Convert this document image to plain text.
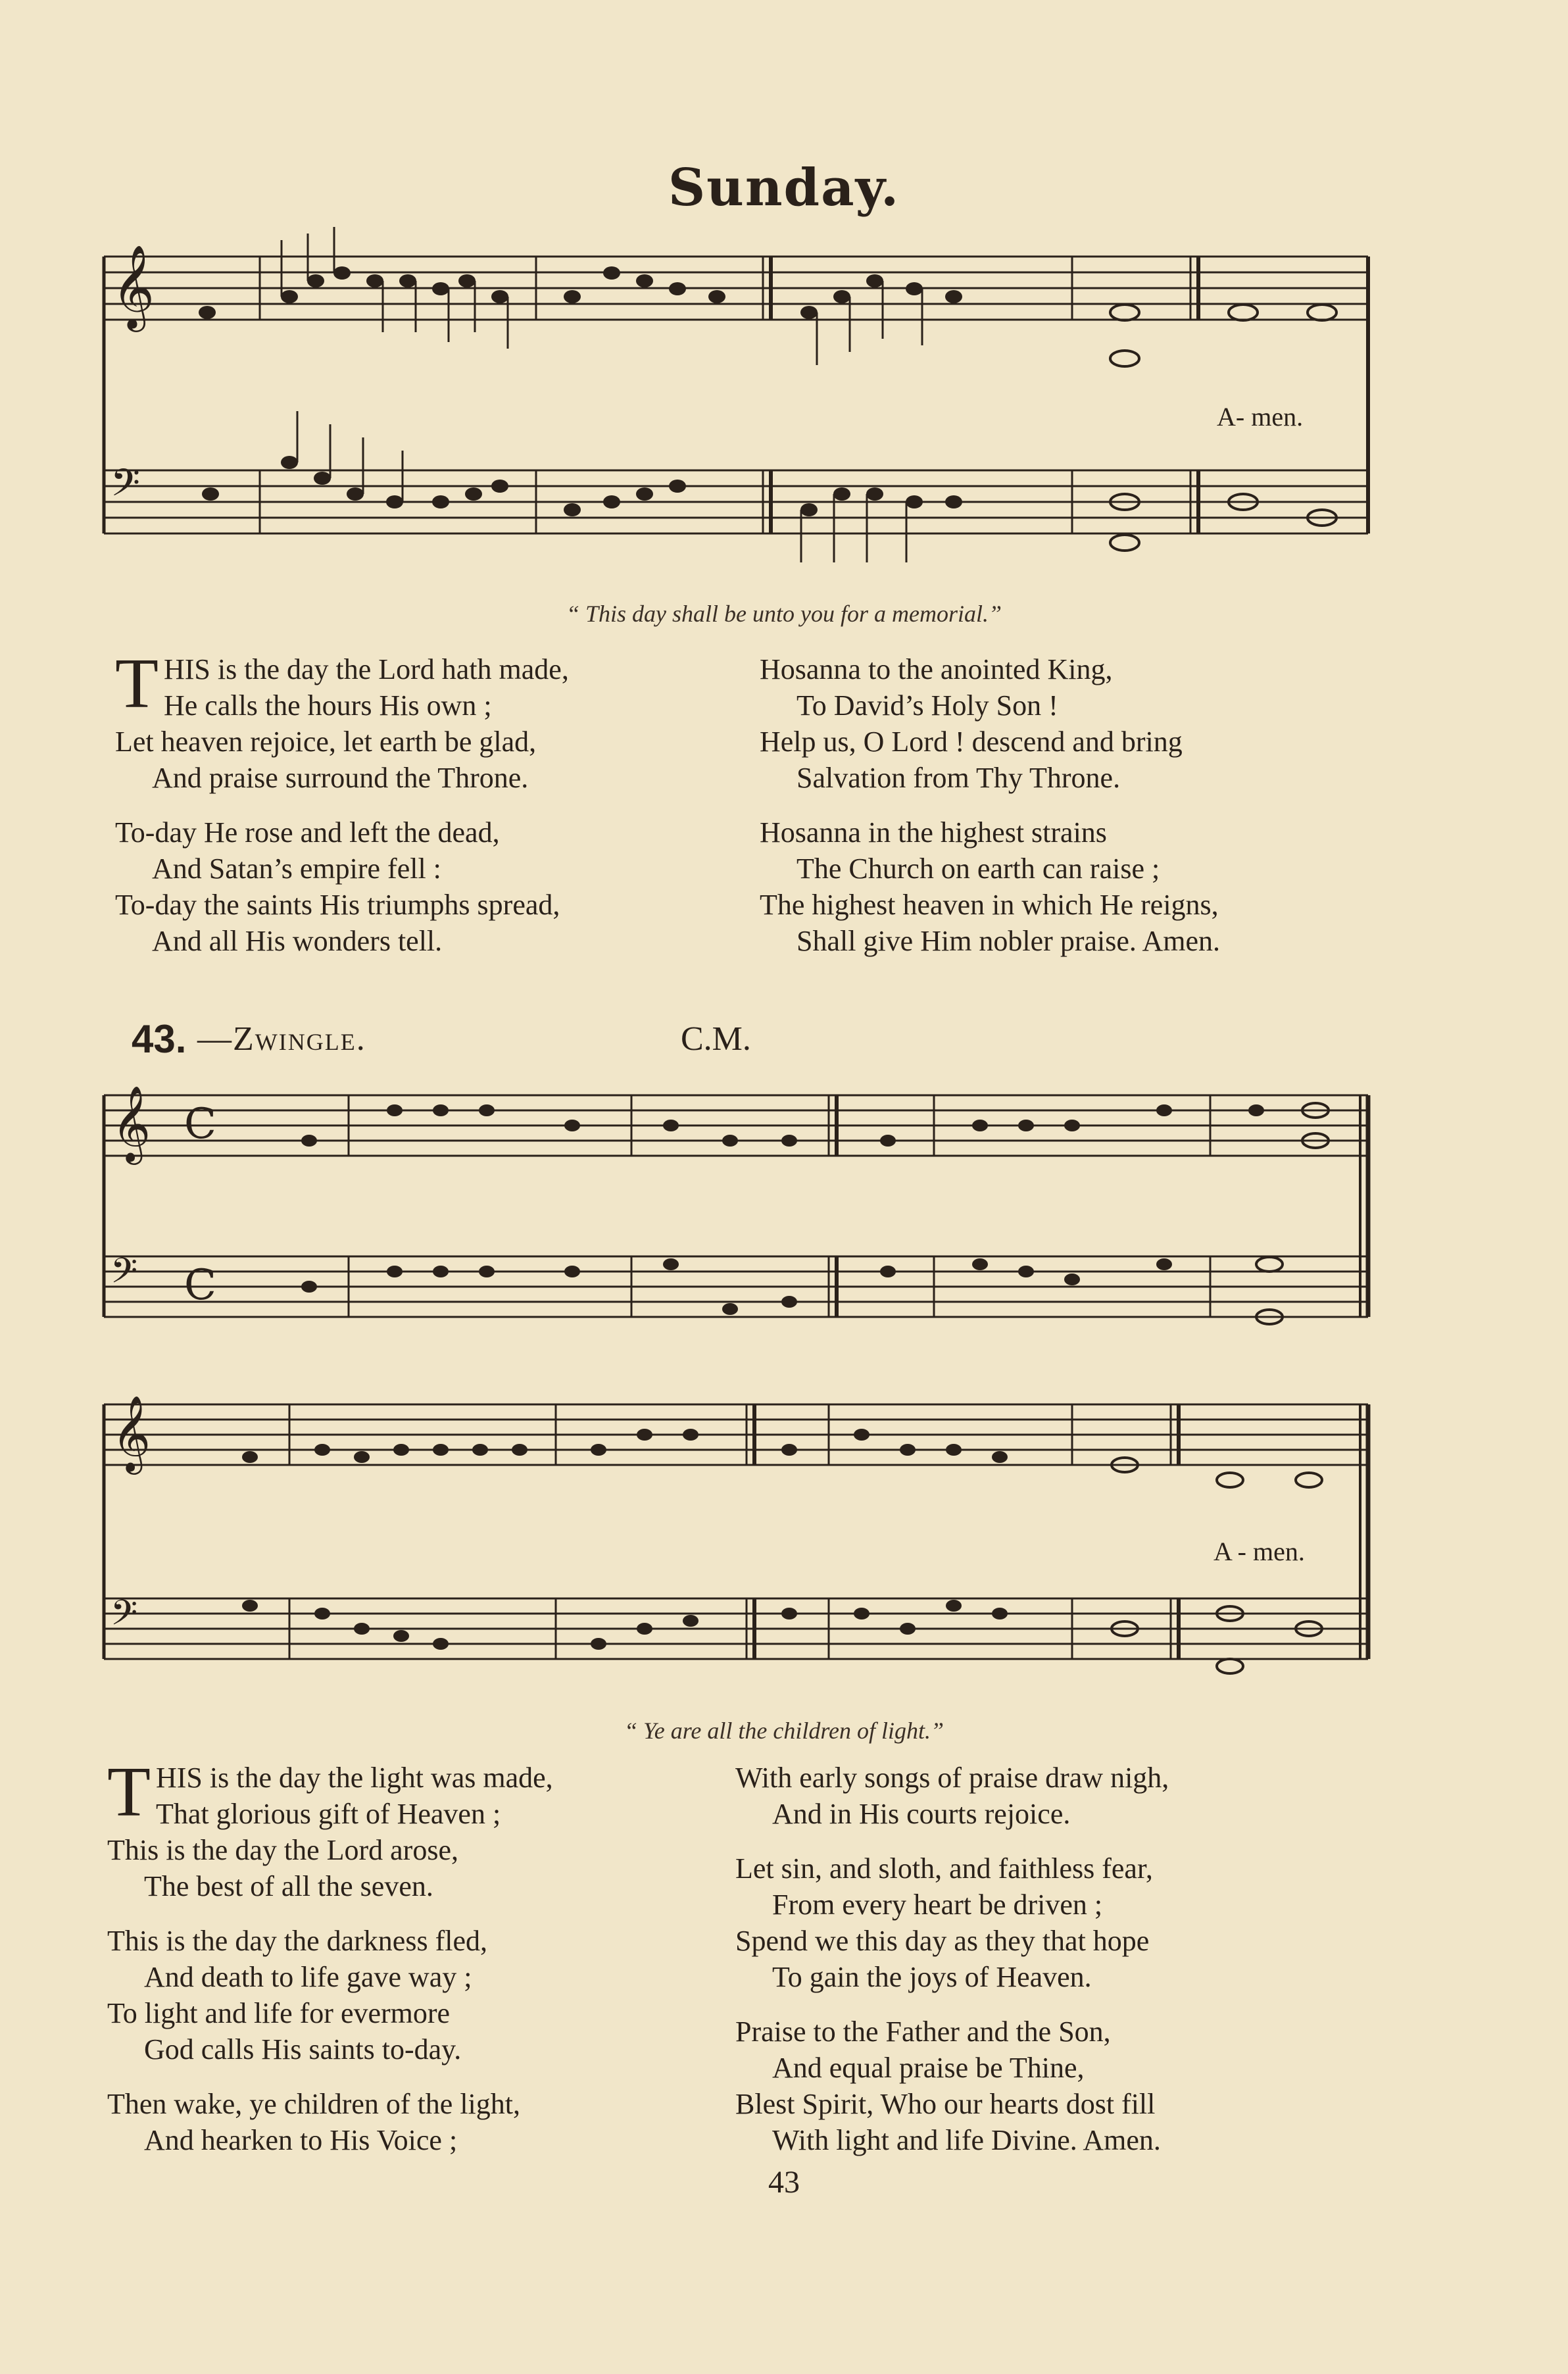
Sunday.
𝄞
𝄢
A- men.
“ This day shall be unto you for a memorial.”
T HIS is the day the Lord hath made,
He calls the hours His own ;
Let heaven rejoice, let earth be glad,
And praise surround the Throne.
To-day He rose and left the dead,
And Satan’s empire fell :
To-day the saints His triumphs spread,
And all His wonders tell.
Hosanna to the anointed King,
To David’s Holy Son !
Help us, O Lord ! descend and bring
Salvation from Thy Throne.
Hosanna in the highest strains
The Church on earth can raise ;
The highest heaven in which He reigns,
Shall give Him nobler praise. Amen.
43. —Zwingle.	C.M.
𝄞
𝄢
C
C
𝄞
𝄢
A - men.
“ Ye are all the children of light.”
T HIS is the day the light was made,
That glorious gift of Heaven ;
This is the day the Lord arose,
The best of all the seven.
This is the day the darkness fled,
And death to life gave way ;
To light and life for evermore
God calls His saints to-day.
Then wake, ye children of the light,
And hearken to His Voice ;
With early songs of praise draw nigh,
And in His courts rejoice.
Let sin, and sloth, and faithless fear,
From every heart be driven ;
Spend we this day as they that hope
To gain the joys of Heaven.
Praise to the Father and the Son,
And equal praise be Thine,
Blest Spirit, Who our hearts dost fill
With light and life Divine. Amen.
43
